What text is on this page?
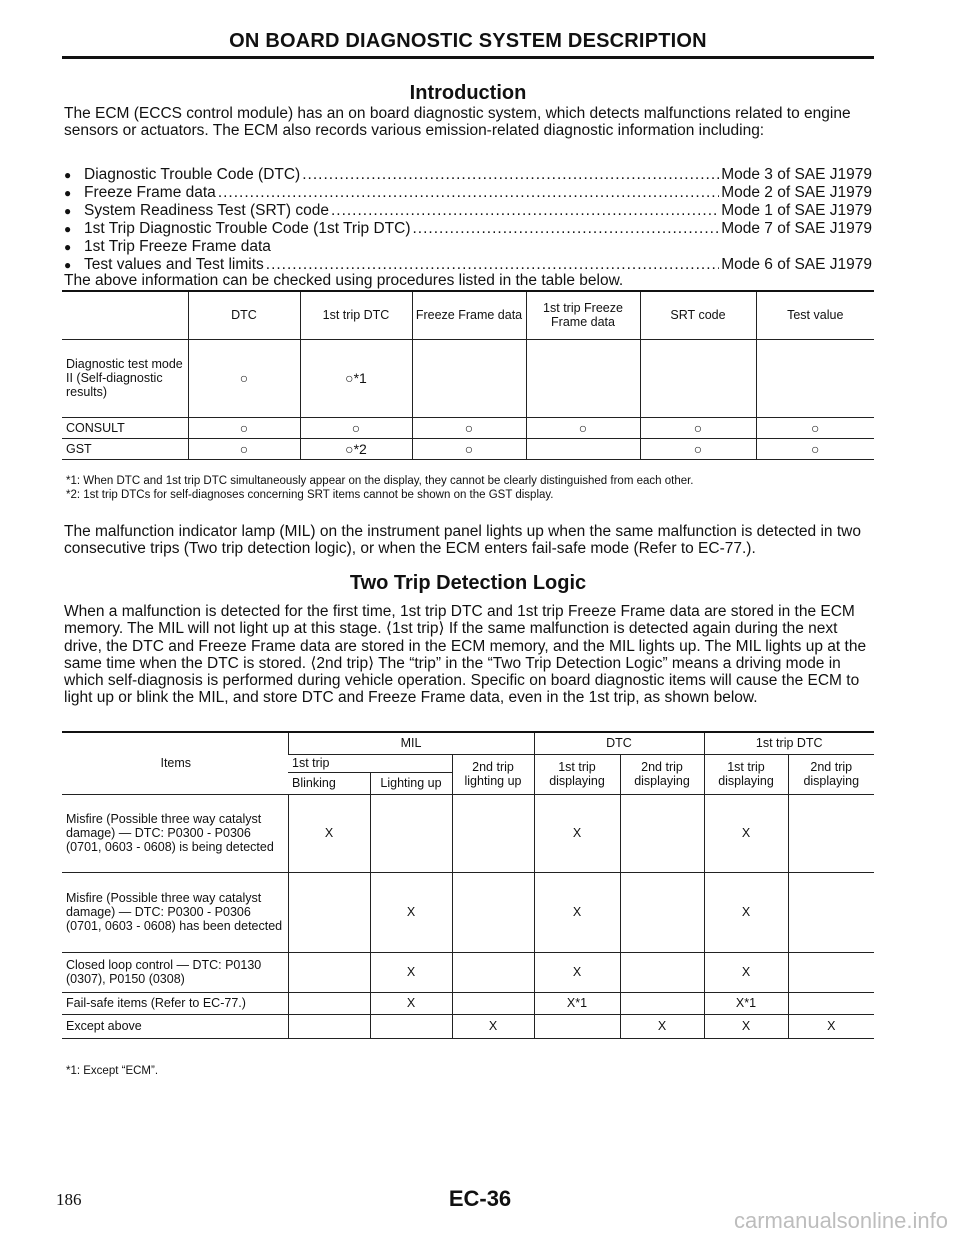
ON BOARD DIAGNOSTIC SYSTEM DESCRIPTION
Introduction
The ECM (ECCS control module) has an on board diagnostic system, which detects malfunctions related to engine sensors or actuators. The ECM also records various emission-related diagnostic information including:
● Diagnostic Trouble Code (DTC) .....	Mode 3 of SAE J1979
● Freeze Frame data .....	Mode 2 of SAE J1979
● System Readiness Test (SRT) code .....	Mode 1 of SAE J1979
● 1st Trip Diagnostic Trouble Code (1st Trip DTC) .....	Mode 7 of SAE J1979
● 1st Trip Freeze Frame data
● Test values and Test limits .....	Mode 6 of SAE J1979
The above information can be checked using procedures listed in the table below.
	DTC	1st trip DTC	Freeze Frame data	1st trip Freeze Frame data	SRT code	Test value
Diagnostic test mode II (Self-diagnostic results)	○	○*1				
CONSULT	○	○	○	○	○	○
GST	○	○*2	○		○	○
*1: When DTC and 1st trip DTC simultaneously appear on the display, they cannot be clearly distinguished from each other.
*2: 1st trip DTCs for self-diagnoses concerning SRT items cannot be shown on the GST display.
The malfunction indicator lamp (MIL) on the instrument panel lights up when the same malfunction is detected in two consecutive trips (Two trip detection logic), or when the ECM enters fail-safe mode (Refer to EC-77.).
Two Trip Detection Logic
When a malfunction is detected for the first time, 1st trip DTC and 1st trip Freeze Frame data are stored in the ECM memory. The MIL will not light up at this stage. ⟨1st trip⟩ If the same malfunction is detected again during the next drive, the DTC and Freeze Frame data are stored in the ECM memory, and the MIL lights up. The MIL lights up at the same time when the DTC is stored. ⟨2nd trip⟩ The “trip” in the “Two Trip Detection Logic” means a driving mode in which self-diagnosis is performed during vehicle operation. Specific on board diagnostic items will cause the ECM to light up or blink the MIL, and store DTC and Freeze Frame data, even in the 1st trip, as shown below.
Items	MIL			DTC		1st trip DTC	
	1st trip		2nd trip lighting up	1st trip displaying	2nd trip displaying	1st trip displaying	2nd trip displaying
	Blinking	Lighting up					
Misfire (Possible three way catalyst damage) — DTC: P0300 - P0306 (0701, 0603 - 0608) is being detected	X			X		X	
Misfire (Possible three way catalyst damage) — DTC: P0300 - P0306 (0701, 0603 - 0608) has been detected		X		X		X	
Closed loop control — DTC: P0130 (0307), P0150 (0308)		X		X		X	
Fail-safe items (Refer to EC-77.)		X		X*1		X*1	
Except above			X		X	X	X
*1: Except “ECM”.
186	EC-36
carmanualsonline.info
